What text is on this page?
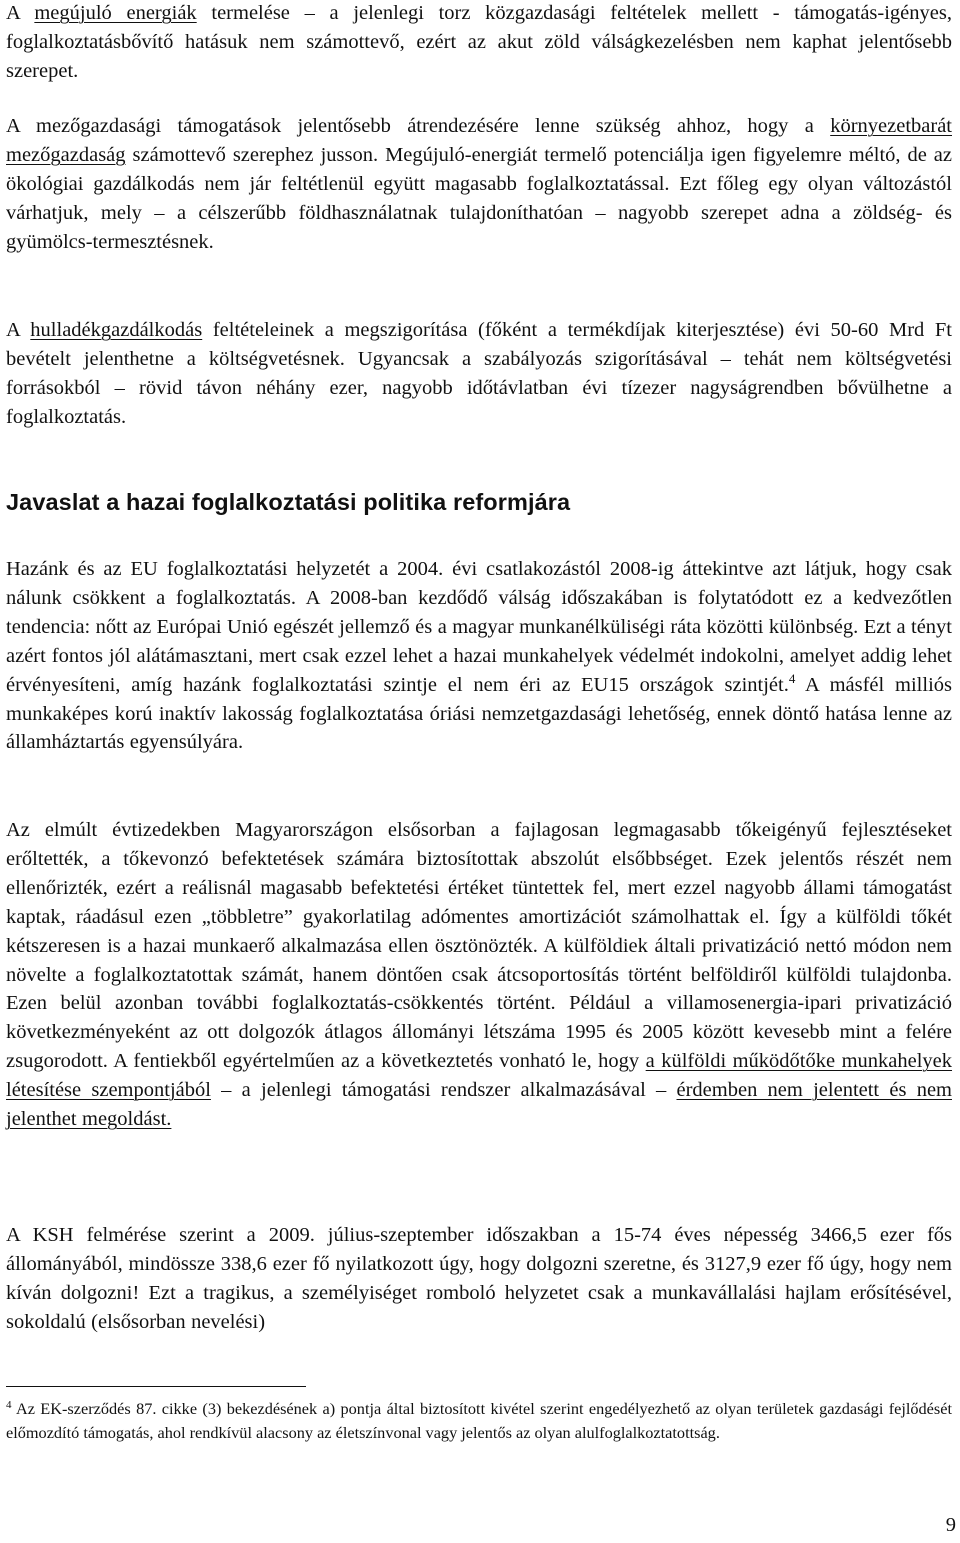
A megújuló energiák termelése – a jelenlegi torz közgazdasági feltételek mellett - támogatás-igényes, foglalkoztatásbővítő hatásuk nem számottevő, ezért az akut zöld válságkezelésben nem kaphat jelentősebb szerepet.

A mezőgazdasági támogatások jelentősebb átrendezésére lenne szükség ahhoz, hogy a környezetbarát mezőgazdaság számottevő szerephez jusson. Megújuló-energiát termelő potenciálja igen figyelemre méltó, de az ökológiai gazdálkodás nem jár feltétlenül együtt magasabb foglalkoztatással. Ezt főleg egy olyan változástól várhatjuk, mely – a célszerűbb földhasználatnak tulajdoníthatóan – nagyobb szerepet adna a zöldség- és gyümölcs-termesztésnek.

A hulladékgazdálkodás feltételeinek a megszigorítása (főként a termékdíjak kiterjesztése) évi 50-60 Mrd Ft bevételt jelenthetne a költségvetésnek. Ugyancsak a szabályozás szigorításával – tehát nem költségvetési forrásokból – rövid távon néhány ezer, nagyobb időtávlatban évi tízezer nagyságrendben bővülhetne a foglalkoztatás.

Javaslat a hazai foglalkoztatási politika reformjára

Hazánk és az EU foglalkoztatási helyzetét a 2004. évi csatlakozástól 2008-ig áttekintve azt látjuk, hogy csak nálunk csökkent a foglalkoztatás. A 2008-ban kezdődő válság időszakában is folytatódott ez a kedvezőtlen tendencia: nőtt az Európai Unió egészét jellemző és a magyar munkanélküliségi ráta közötti különbség. Ezt a tényt azért fontos jól alátámasztani, mert csak ezzel lehet a hazai munkahelyek védelmét indokolni, amelyet addig lehet érvényesíteni, amíg hazánk foglalkoztatási szintje el nem éri az EU15 országok szintjét.$^4$ A másfél milliós munkaképes korú inaktív lakosság foglalkoztatása óriási nemzetgazdasági lehetőség, ennek döntő hatása lenne az államháztartás egyensúlyára.

Az elmúlt évtizedekben Magyarországon elsősorban a fajlagosan legmagasabb tőkeigényű fejlesztéseket erőltették, a tőkevonzó befektetések számára biztosítottak abszolút elsőbbséget. Ezek jelentős részét nem ellenőrizték, ezért a reálisnál magasabb befektetési értéket tüntettek fel, mert ezzel nagyobb állami támogatást kaptak, ráadásul ezen „többletre” gyakorlatilag adómentes amortizációt számolhattak el. Így a külföldi tőkét kétszeresen is a hazai munkaerő alkalmazása ellen ösztönözték. A külföldiek általi privatizáció nettó módon nem növelte a foglalkoztatottak számát, hanem döntően csak átcsoportosítás történt belföldiről külföldi tulajdonba. Ezen belül azonban további foglalkoztatás-csökkentés történt. Például a villamosenergia-ipari privatizáció következményeként az ott dolgozók átlagos állományi létszáma 1995 és 2005 között kevesebb mint a felére zsugorodott. A fentiekből egyértelműen az a következtetés vonható le, hogy a külföldi működőtőke munkahelyek létesítése szempontjából – a jelenlegi támogatási rendszer alkalmazásával – érdemben nem jelentett és nem jelenthet megoldást.

A KSH felmérése szerint a 2009. július-szeptember időszakban a 15-74 éves népesség 3466,5 ezer fős állományából, mindössze 338,6 ezer fő nyilatkozott úgy, hogy dolgozni szeretne, és 3127,9 ezer fő úgy, hogy nem kíván dolgozni! Ezt a tragikus, a személyiséget romboló helyzetet csak a munkavállalási hajlam erősítésével, sokoldalú (elsősorban nevelési)

$^4$ Az EK-szerződés 87. cikke (3) bekezdésének a) pontja által biztosított kivétel szerint engedélyezhető az olyan területek gazdasági fejlődését előmozdító támogatás, ahol rendkívül alacsony az életszínvonal vagy jelentős az olyan alulfoglalkoztatottság.

9
